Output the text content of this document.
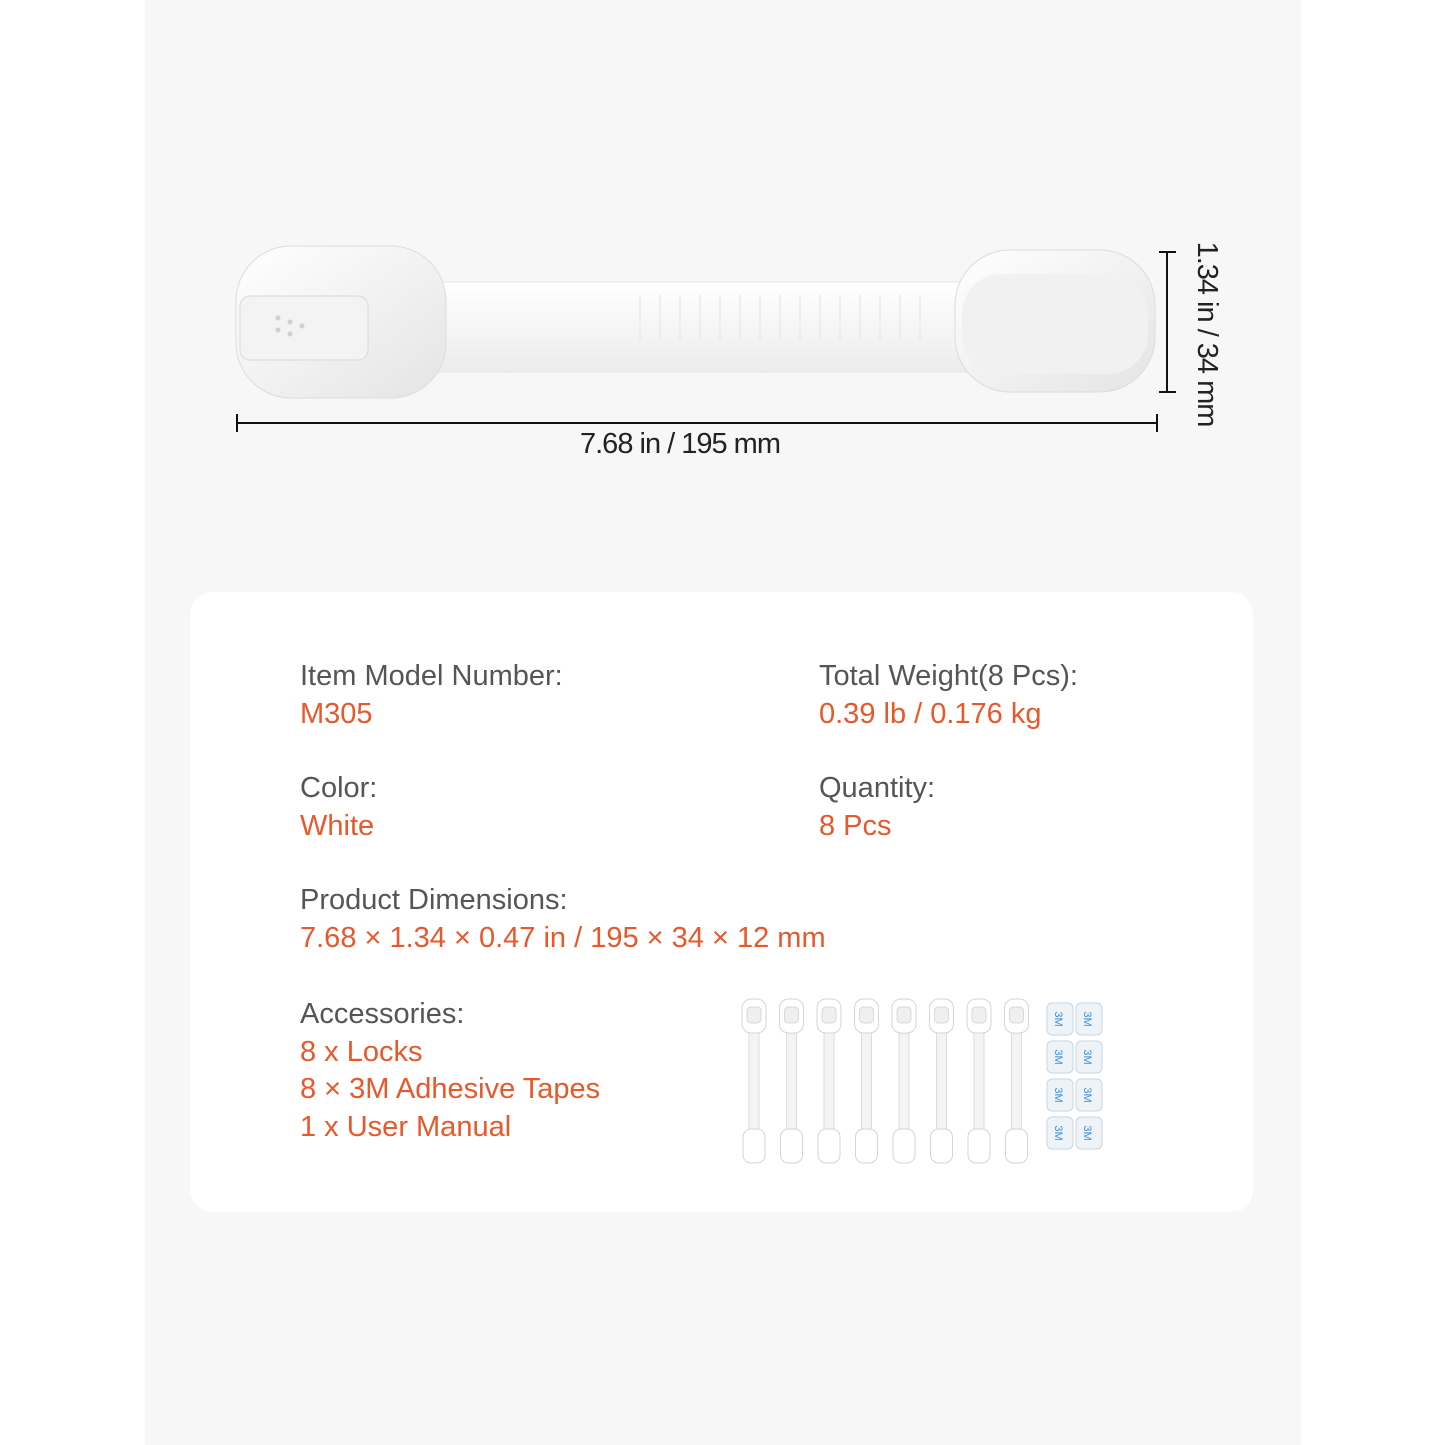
7.68 in / 195 mm
1.34 in / 34 mm
Item Model Number:
M305
Total Weight(8 Pcs):
0.39 lb / 0.176 kg
Color:
White
Quantity:
8 Pcs
Product Dimensions:
7.68 × 1.34 × 0.47 in / 195 × 34 × 12 mm
Accessories:
8 x Locks
8 × 3M Adhesive Tapes
1 x User Manual
3M 3M
3M 3M
3M 3M
3M 3M
